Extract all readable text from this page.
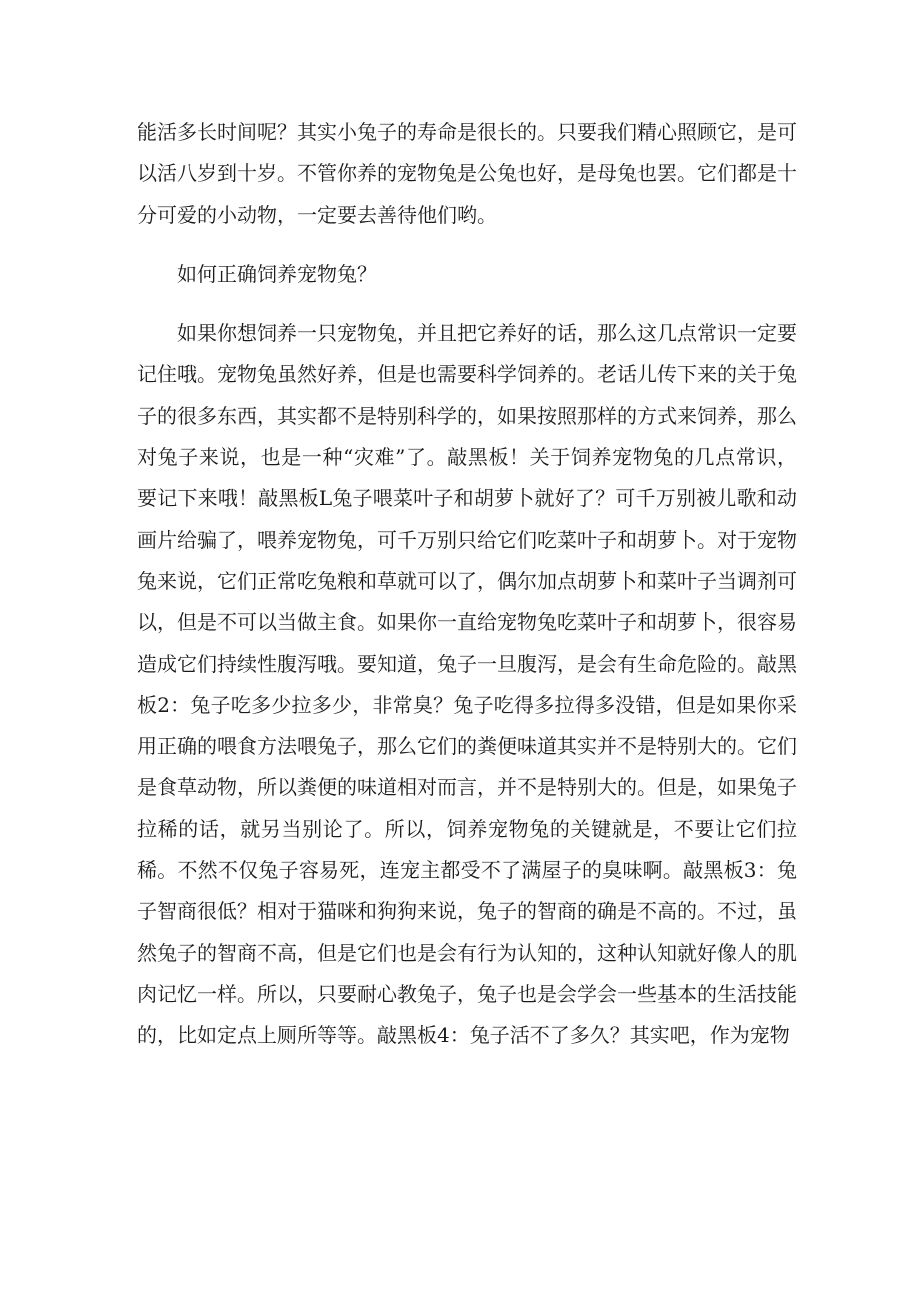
能活多长时间呢？其实小兔子的寿命是很长的。只要我们精心照顾它，是可以活八岁到十岁。不管你养的宠物兔是公兔也好，是母兔也罢。它们都是十分可爱的小动物，一定要去善待他们哟。

如何正确饲养宠物兔？

如果你想饲养一只宠物兔，并且把它养好的话，那么这几点常识一定要记住哦。宠物兔虽然好养，但是也需要科学饲养的。老话儿传下来的关于兔子的很多东西，其实都不是特别科学的，如果按照那样的方式来饲养，那么对兔子来说，也是一种“灾难”了。敲黑板！关于饲养宠物兔的几点常识，要记下来哦！敲黑板L兔子喂菜叶子和胡萝卜就好了？可千万别被儿歌和动画片给骗了，喂养宠物兔，可千万别只给它们吃菜叶子和胡萝卜。对于宠物兔来说，它们正常吃兔粮和草就可以了，偶尔加点胡萝卜和菜叶子当调剂可以，但是不可以当做主食。如果你一直给宠物兔吃菜叶子和胡萝卜，很容易造成它们持续性腹泻哦。要知道，兔子一旦腹泻，是会有生命危险的。敲黑板2：兔子吃多少拉多少，非常臭？兔子吃得多拉得多没错，但是如果你采用正确的喂食方法喂兔子，那么它们的粪便味道其实并不是特别大的。它们是食草动物，所以粪便的味道相对而言，并不是特别大的。但是，如果兔子拉稀的话，就另当别论了。所以，饲养宠物兔的关键就是，不要让它们拉稀。不然不仅兔子容易死，连宠主都受不了满屋子的臭味啊。敲黑板3：兔子智商很低？相对于猫咪和狗狗来说，兔子的智商的确是不高的。不过，虽然兔子的智商不高，但是它们也是会有行为认知的，这种认知就好像人的肌肉记忆一样。所以，只要耐心教兔子，兔子也是会学会一些基本的生活技能的，比如定点上厕所等等。敲黑板4：兔子活不了多久？其实吧，作为宠物
